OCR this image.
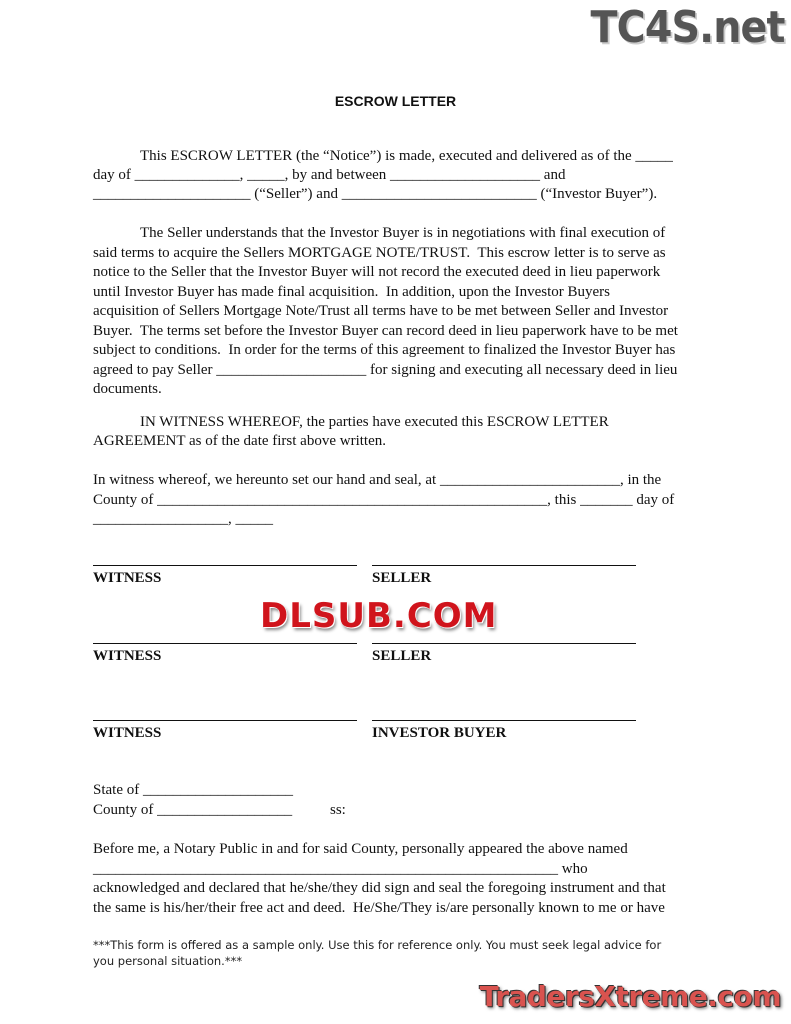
TC4S.net
ESCROW LETTER
This ESCROW LETTER (the “Notice”) is made, executed and delivered as of the _____
day of ______________, _____, by and between ____________________ and
_____________________ (“Seller”) and __________________________ (“Investor Buyer”).
The Seller understands that the Investor Buyer is in negotiations with final execution of
said terms to acquire the Sellers MORTGAGE NOTE/TRUST.  This escrow letter is to serve as
notice to the Seller that the Investor Buyer will not record the executed deed in lieu paperwork
until Investor Buyer has made final acquisition.  In addition, upon the Investor Buyers
acquisition of Sellers Mortgage Note/Trust all terms have to be met between Seller and Investor
Buyer.  The terms set before the Investor Buyer can record deed in lieu paperwork have to be met
subject to conditions.  In order for the terms of this agreement to finalized the Investor Buyer has
agreed to pay Seller ____________________ for signing and executing all necessary deed in lieu
documents.
IN WITNESS WHEREOF, the parties have executed this ESCROW LETTER
AGREEMENT as of the date first above written.
In witness whereof, we hereunto set our hand and seal, at ________________________, in the
County of ____________________________________________________, this _______ day of
__________________, _____
WITNESS	SELLER
DLSUB.COM
WITNESS	SELLER
WITNESS	INVESTOR BUYER
State of ____________________
County of __________________	ss:
Before me, a Notary Public in and for said County, personally appeared the above named
______________________________________________________________ who
acknowledged and declared that he/she/they did sign and seal the foregoing instrument and that
the same is his/her/their free act and deed.  He/She/They is/are personally known to me or have
***This form is offered as a sample only. Use this for reference only. You must seek legal advice for
you personal situation.***
TradersXtreme.com
